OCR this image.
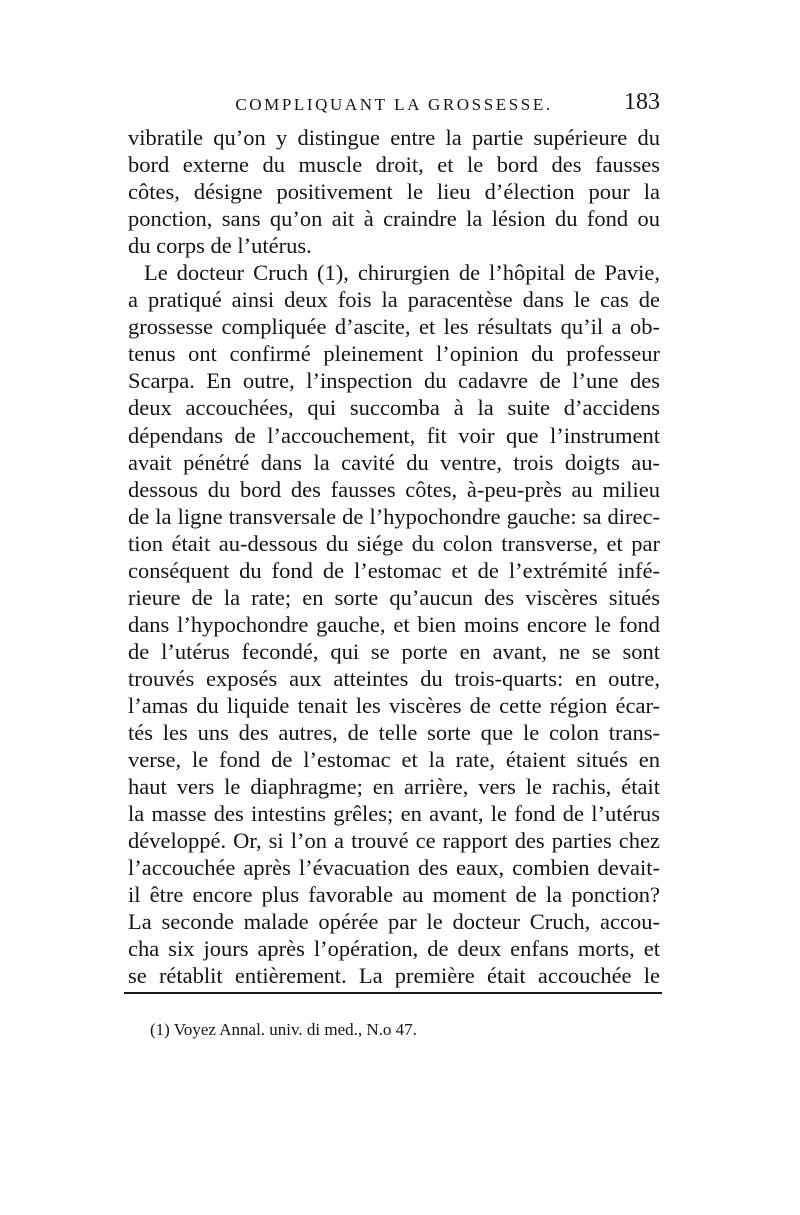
COMPLIQUANT LA GROSSESSE.	183
vibratile qu’on y distingue entre la partie supérieure du
bord externe du muscle droit, et le bord des fausses
côtes, désigne positivement le lieu d’élection pour la
ponction, sans qu’on ait à craindre la lésion du fond ou
du corps de l’utérus.
Le docteur Cruch (1), chirurgien de l’hôpital de Pavie,
a pratiqué ainsi deux fois la paracentèse dans le cas de
grossesse compliquée d’ascite, et les résultats qu’il a ob-
tenus ont confirmé pleinement l’opinion du professeur
Scarpa. En outre, l’inspection du cadavre de l’une des
deux accouchées, qui succomba à la suite d’accidens
dépendans de l’accouchement, fit voir que l’instrument
avait pénétré dans la cavité du ventre, trois doigts au-
dessous du bord des fausses côtes, à-peu-près au milieu
de la ligne transversale de l’hypochondre gauche: sa direc-
tion était au-dessous du siége du colon transverse, et par
conséquent du fond de l’estomac et de l’extrémité infé-
rieure de la rate; en sorte qu’aucun des viscères situés
dans l’hypochondre gauche, et bien moins encore le fond
de l’utérus fecondé, qui se porte en avant, ne se sont
trouvés exposés aux atteintes du trois-quarts: en outre,
l’amas du liquide tenait les viscères de cette région écar-
tés les uns des autres, de telle sorte que le colon trans-
verse, le fond de l’estomac et la rate, étaient situés en
haut vers le diaphragme; en arrière, vers le rachis, était
la masse des intestins grêles; en avant, le fond de l’utérus
développé. Or, si l’on a trouvé ce rapport des parties chez
l’accouchée après l’évacuation des eaux, combien devait-
il être encore plus favorable au moment de la ponction?
La seconde malade opérée par le docteur Cruch, accou-
cha six jours après l’opération, de deux enfans morts, et
se rétablit entièrement. La première était accouchée le
(1) Voyez Annal. univ. di med., N.o 47.
